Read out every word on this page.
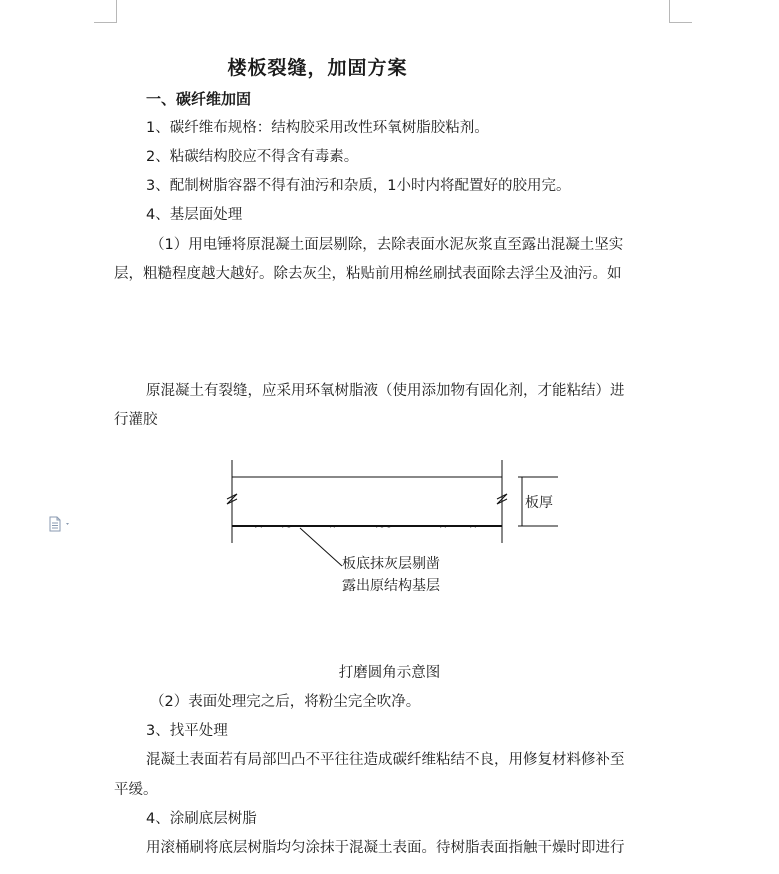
楼板裂缝，加固方案
一、碳纤维加固
1、碳纤维布规格：结构胶采用改性环氧树脂胶粘剂。
2、粘碳结构胶应不得含有毒素。
3、配制树脂容器不得有油污和杂质，1小时内将配置好的胶用完。
4、基层面处理
（1）用电锤将原混凝土面层剔除，去除表面水泥灰浆直至露出混凝土坚实
层，粗糙程度越大越好。除去灰尘，粘贴前用棉丝刷拭表面除去浮尘及油污。如
原混凝土有裂缝，应采用环氧树脂液（使用添加物有固化剂，才能粘结）进
行灌胶
板厚
板底抹灰层剔凿
露出原结构基层
打磨圆角示意图
（2）表面处理完之后，将粉尘完全吹净。
3、找平处理
混凝土表面若有局部凹凸不平往往造成碳纤维粘结不良，用修复材料修补至
平缓。
4、涂刷底层树脂
用滚桶刷将底层树脂均匀涂抹于混凝土表面。待树脂表面指触干燥时即进行
